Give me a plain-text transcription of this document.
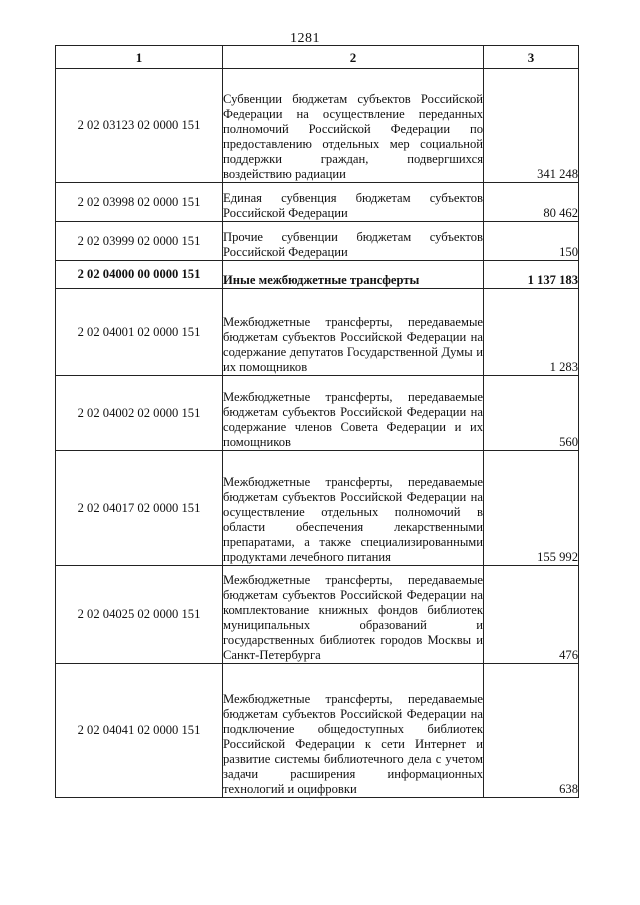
1281
1	2	3
2 02 03123 02 0000 151	Субвенции бюджетам субъектов Российской Федерации на осуществление переданных полномочий Российской Федерации по предоставлению отдельных мер социальной поддержки граждан, подвергшихся воздействию радиации	341 248
2 02 03998 02 0000 151	Единая субвенция бюджетам субъектов Российской Федерации	80 462
2 02 03999 02 0000 151	Прочие субвенции бюджетам субъектов Российской Федерации	150
2 02 04000 00 0000 151	Иные межбюджетные трансферты	1 137 183
2 02 04001 02 0000 151	Межбюджетные трансферты, передаваемые бюджетам субъектов Российской Федерации на содержание депутатов Государственной Думы и их помощников	1 283
2 02 04002 02 0000 151	Межбюджетные трансферты, передаваемые бюджетам субъектов Российской Федерации на содержание членов Совета Федерации и их помощников	560
2 02 04017 02 0000 151	Межбюджетные трансферты, передаваемые бюджетам субъектов Российской Федерации на осуществление отдельных полномочий в области обеспечения лекарственными препаратами, а также специализированными продуктами лечебного питания	155 992
2 02 04025 02 0000 151	Межбюджетные трансферты, передаваемые бюджетам субъектов Российской Федерации на комплектование книжных фондов библиотек муниципальных образований и государственных библиотек городов Москвы и Санкт-Петербурга	476
2 02 04041 02 0000 151	Межбюджетные трансферты, передаваемые бюджетам субъектов Российской Федерации на подключение общедоступных библиотек Российской Федерации к сети Интернет и развитие системы библиотечного дела с учетом задачи расширения информационных технологий и оцифровки	638
